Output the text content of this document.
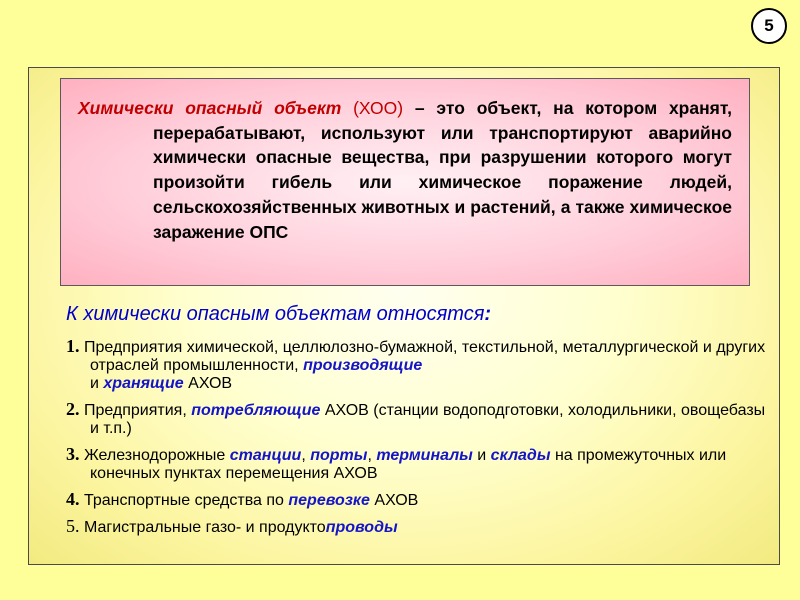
5

Химически опасный объект (ХОО) – это объект, на котором хранят, перерабатывают, используют или транспортируют аварийно химически опасные вещества, при разрушении которого могут произойти гибель или химическое поражение людей, сельскохозяйственных животных и растений, а также химическое заражение ОПС

К химически опасным объектам относятся:

1. Предприятия химической, целлюлозно-бумажной, текстильной, металлургической и других отраслей промышленности, производящие
и хранящие АХОВ

2. Предприятия, потребляющие АХОВ (станции водоподготовки, холодильники, овощебазы и т.п.)

3. Железнодорожные станции, порты, терминалы и склады на промежуточных или конечных пунктах перемещения АХОВ

4. Транспортные средства по перевозке АХОВ

5. Магистральные газо- и продуктопроводы
